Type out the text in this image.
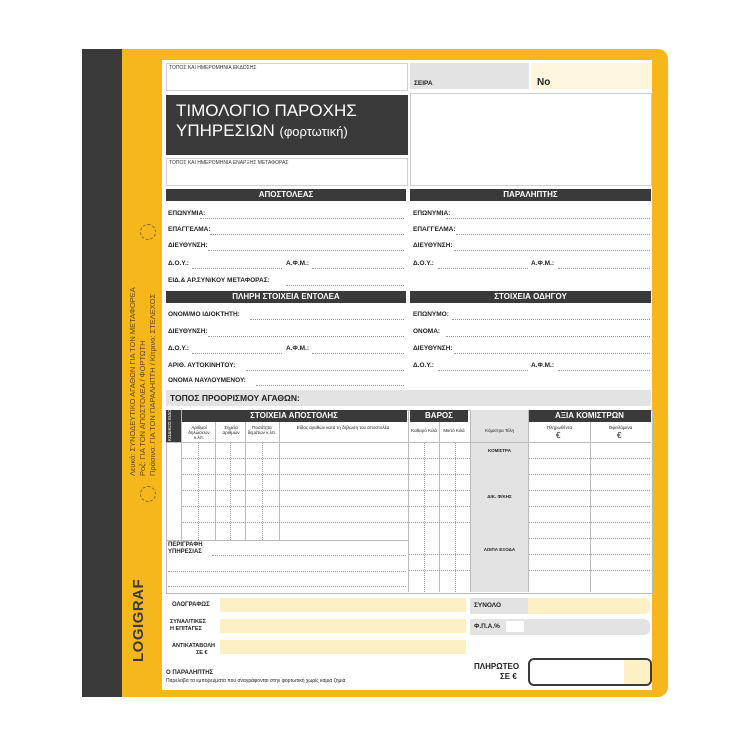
Λευκό: ΣΥΝΟΔΕΥΤΙΚΟ ΑΓΑΘΩΝ ΓΙΑ ΤΟΝ ΜΕΤΑΦΟΡΕΑ Ροζ: ΓΙΑ ΤΟΝ ΑΠΟΣΤΟΛΕΑ / ΦΟΡΤΩΤΗ Πράσινο: ΓΙΑ ΤΟΝ ΠΑΡΑΛΗΠΤΗ / Κίτρινο: ΣΤΕΛΕΧΟΣ
LOGIGRAF
ΤΟΠΟΣ ΚΑΙ ΗΜΕΡΟΜΗΝΙΑ ΕΚΔΟΣΗΣ
ΤΙΜΟΛΟΓΙΟ ΠΑΡΟΧΗΣ
ΥΠΗΡΕΣΙΩΝ (φορτωτική)
ΤΟΠΟΣ ΚΑΙ ΗΜΕΡΟΜΗΝΙΑ ΕΝΑΡΞΗΣ ΜΕΤΑΦΟΡΑΣ
ΣΕΙΡΑ	No
ΑΠΟΣΤΟΛΕΑΣ	ΠΑΡΑΛΗΠΤΗΣ
ΕΠΩΝΥΜΙΑ:
ΕΠΑΓΓΕΛΜΑ:
ΔΙΕΥΘΥΝΣΗ:
Δ.Ο.Υ.:	Α.Φ.Μ.:
ΕΙΔ.& ΑΡ.ΣΥΝ/ΚΟΥ ΜΕΤΑΦΟΡΑΣ:
ΕΠΩΝΥΜΙΑ:
ΕΠΑΓΓΕΛΜΑ:
ΔΙΕΥΘΥΝΣΗ:
Δ.Ο.Υ.:	Α.Φ.Μ.:
ΠΛΗΡΗ ΣΤΟΙΧΕΙΑ ΕΝΤΟΛΕΑ	ΣΤΟΙΧΕΙΑ ΟΔΗΓΟΥ
ΟΝΟΜ/ΜΟ ΙΔΙΟΚΤΗΤΗ:
ΔΙΕΥΘΥΝΣΗ:
Δ.Ο.Υ.:	Α.Φ.Μ.:
ΑΡΙΘ. ΑΥΤΟΚΙΝΗΤΟΥ:
ΟΝΟΜΑ ΝΑΥΛΟΥΜΕΝΟΥ:
ΕΠΩΝΥΜΟ:
ΟΝΟΜΑ:
ΔΙΕΥΘΥΝΣΗ:
Δ.Ο.Υ.:	Α.Φ.Μ.:
ΤΟΠΟΣ ΠΡΟΟΡΙΣΜΟΥ ΑΓΑΘΩΝ:
ΚΩΔΙΚΟΣ ΕΙΔΟΥΣ	ΣΤΟΙΧΕΙΑ ΑΠΟΣΤΟΛΗΣ	ΒΑΡΟΣ	ΑΞΙΑ ΚΟΜΙΣΤΡΩΝ
Αριθμοί δηλώσεων κ.λπ.
Σημεία αριθμών
Ποσότητα δεμάτων κ.λπ.
Είδος αγαθών κατά τη δήλωση του αποστολέα
Καθαρό Κιλά	Μικτό Κιλά	Κόμιστρα Τέλη
Πληρωθέντα
€
Οφειλόμενα
€
ΚΟΜΙΣΤΡΑ
ΔΙΚ. Φ/ΚΗΣ
ΛΟΙΠΑ ΕΞΟΔΑ
ΠΕΡΙΓΡΑΦΗ
ΥΠΗΡΕΣΙΑΣ
ΟΛΟΓΡΑΦΩΣ	ΣΥΝΟΛΟ
ΣΥΝΑΛ/ΤΙΚΕΣ
Η ΕΠΙΤΑΓΕΣ	Φ.Π.Α.%
ΑΝΤΙΚΑΤΑΒΟΛΗ
ΣΕ €
ΠΛΗΡΩΤΕΟ
ΣΕ €
Ο ΠΑΡΑΛΗΠΤΗΣ
Παρέλαβα τα εμπορεύματα που αναγράφονται στην φορτωτική χωρίς καμιά ζημιά
